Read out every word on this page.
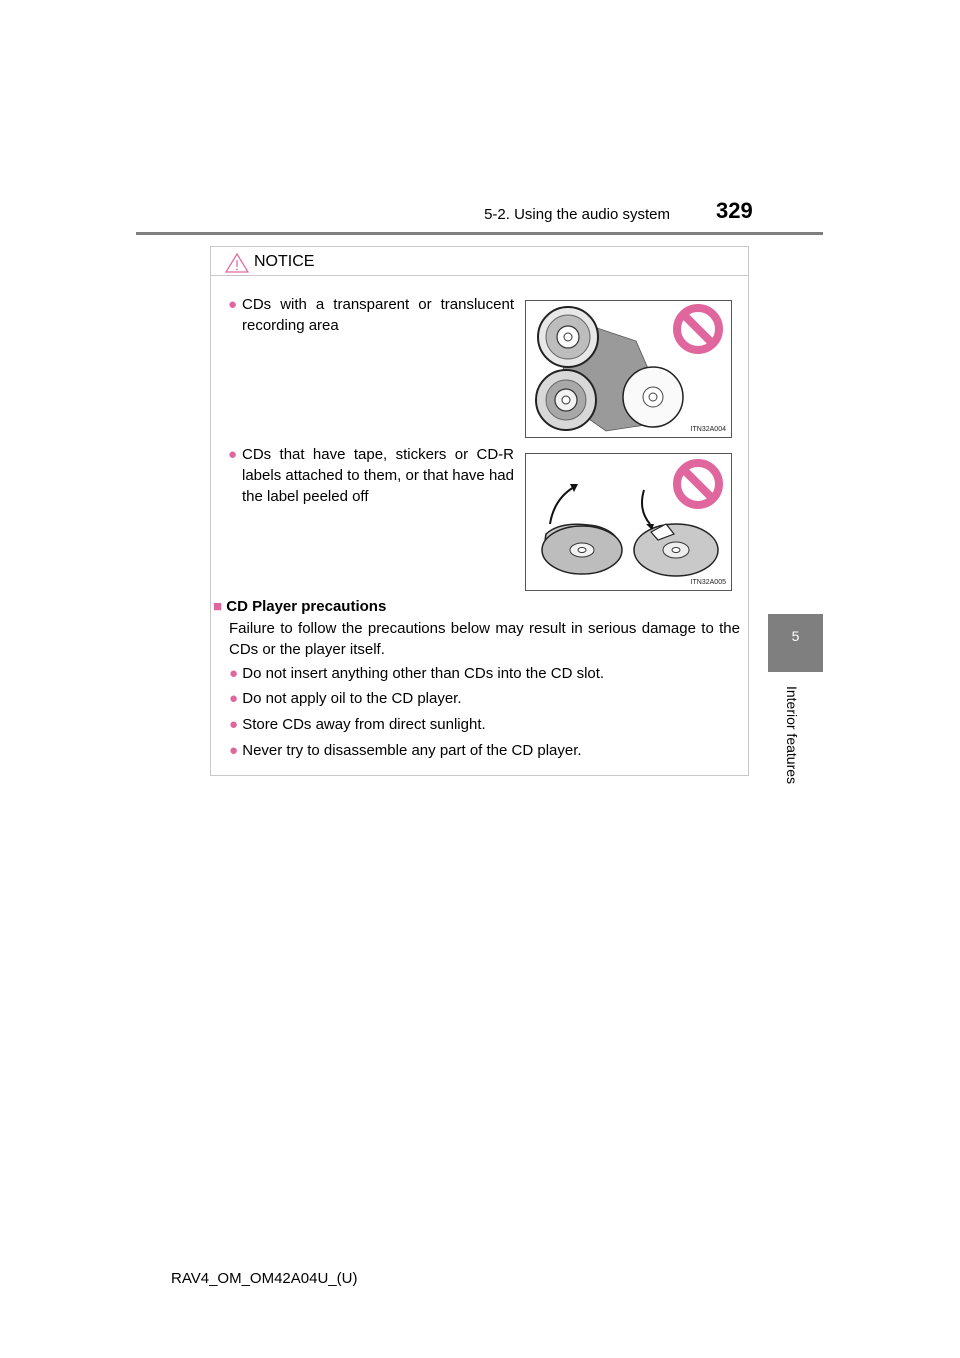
5-2. Using the audio system 329
5
Interior features
NOTICE
● CDs with a transparent or translucent recording area
ITN32A004
● CDs that have tape, stickers or CD-R labels attached to them, or that have had the label peeled off
ITN32A005
■ CD Player precautions
Failure to follow the precautions below may result in serious damage to the CDs or the player itself.
● Do not insert anything other than CDs into the CD slot.
● Do not apply oil to the CD player.
● Store CDs away from direct sunlight.
● Never try to disassemble any part of the CD player.
RAV4_OM_OM42A04U_(U)
